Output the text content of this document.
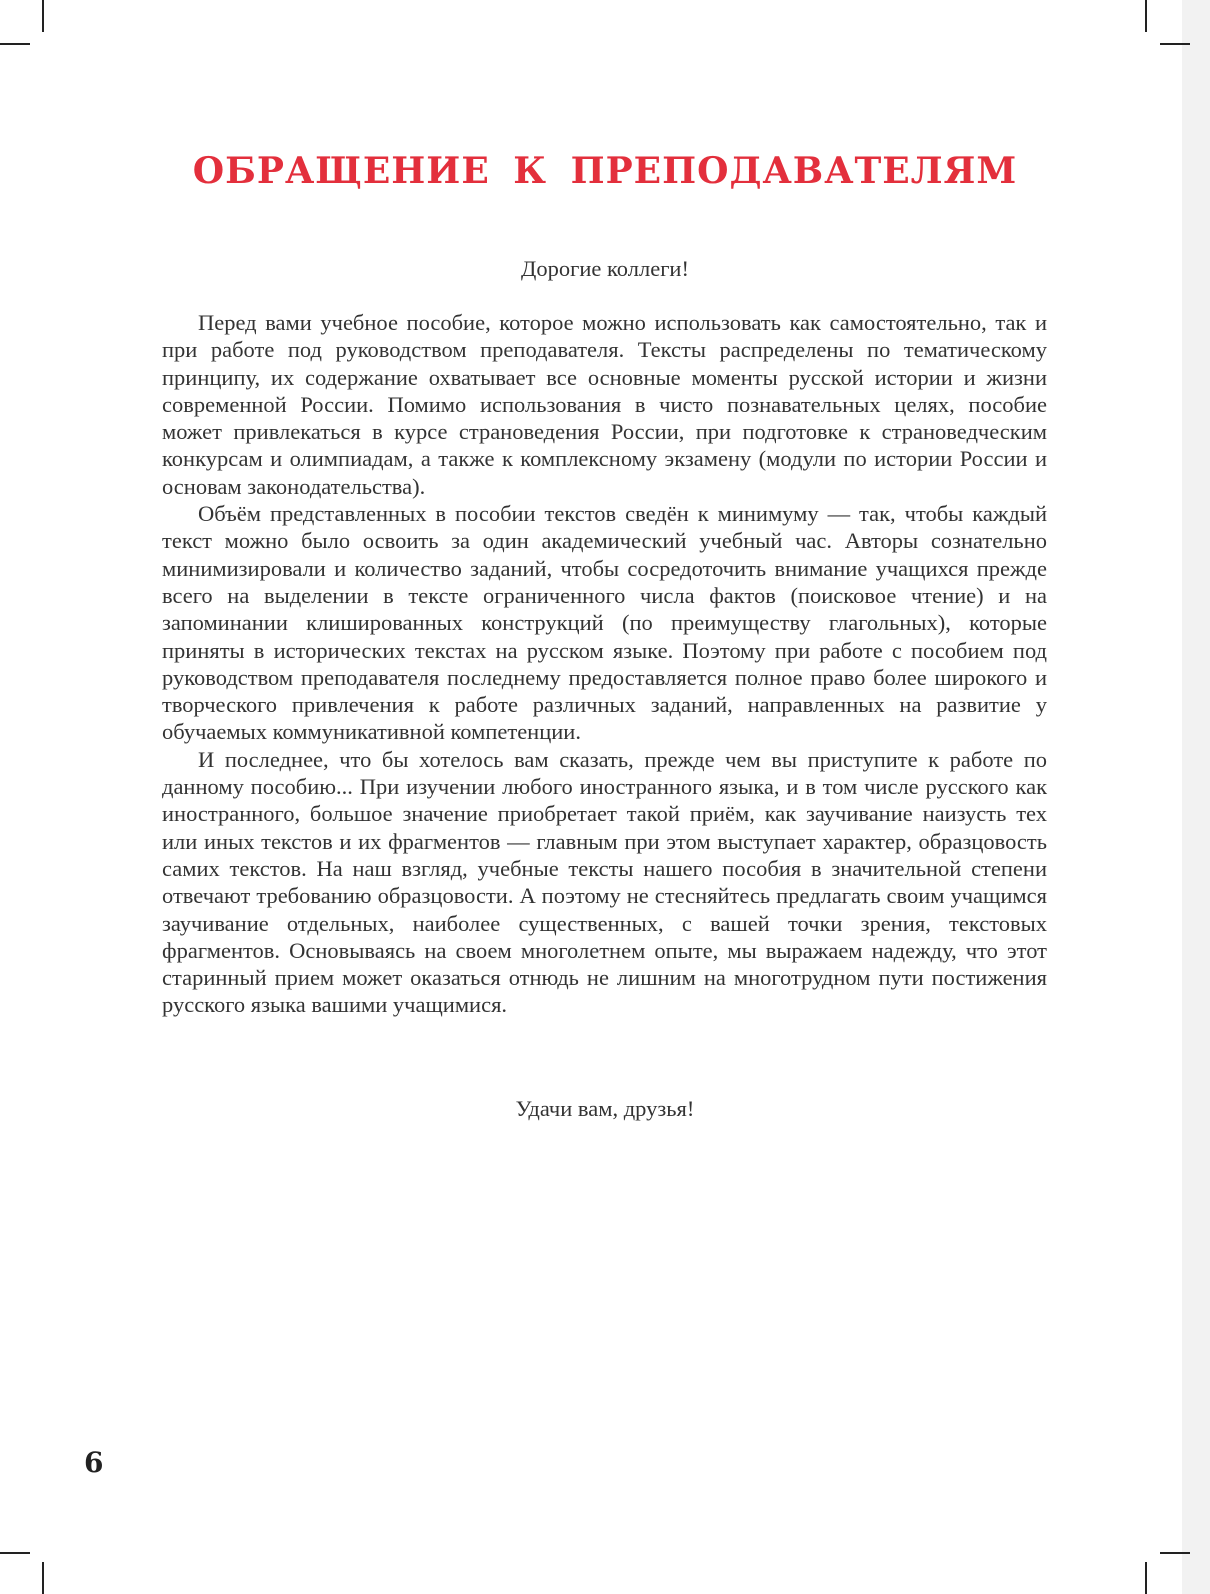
ОБРАЩЕНИЕ К ПРЕПОДАВАТЕЛЯМ

Дорогие коллеги!

Перед вами учебное пособие, которое можно использовать как самостоятельно, так и при работе под руководством преподавателя. Тексты распределены по тематическому принципу, их содержание охватывает все основные моменты русской истории и жизни современной России. Помимо использования в чисто познавательных целях, пособие может привлекаться в курсе страноведения России, при подготовке к страноведческим конкурсам и олимпиадам, а также к комплексному экзамену (модули по истории России и основам законодательства).

Объём представленных в пособии текстов сведён к минимуму — так, чтобы каждый текст можно было освоить за один академический учебный час. Авторы сознательно минимизировали и количество заданий, чтобы сосредоточить внимание учащихся прежде всего на выделении в тексте ограниченного числа фактов (поисковое чтение) и на запоминании клишированных конструкций (по преимуществу глагольных), которые приняты в исторических текстах на русском языке. Поэтому при работе с пособием под руководством преподавателя последнему предоставляется полное право более широкого и творческого привлечения к работе различных заданий, направленных на развитие у обучаемых коммуникативной компетенции.

И последнее, что бы хотелось вам сказать, прежде чем вы приступите к работе по данному пособию... При изучении любого иностранного языка, и в том числе русского как иностранного, большое значение приобретает такой приём, как заучивание наизусть тех или иных текстов и их фрагментов — главным при этом выступает характер, образцовость самих текстов. На наш взгляд, учебные тексты нашего пособия в значительной степени отвечают требованию образцовости. А поэтому не стесняйтесь предлагать своим учащимся заучивание отдельных, наиболее существенных, с вашей точки зрения, текстовых фрагментов. Основываясь на своем многолетнем опыте, мы выражаем надежду, что этот старинный прием может оказаться отнюдь не лишним на многотрудном пути постижения русского языка вашими учащимися.

Удачи вам, друзья!

6
